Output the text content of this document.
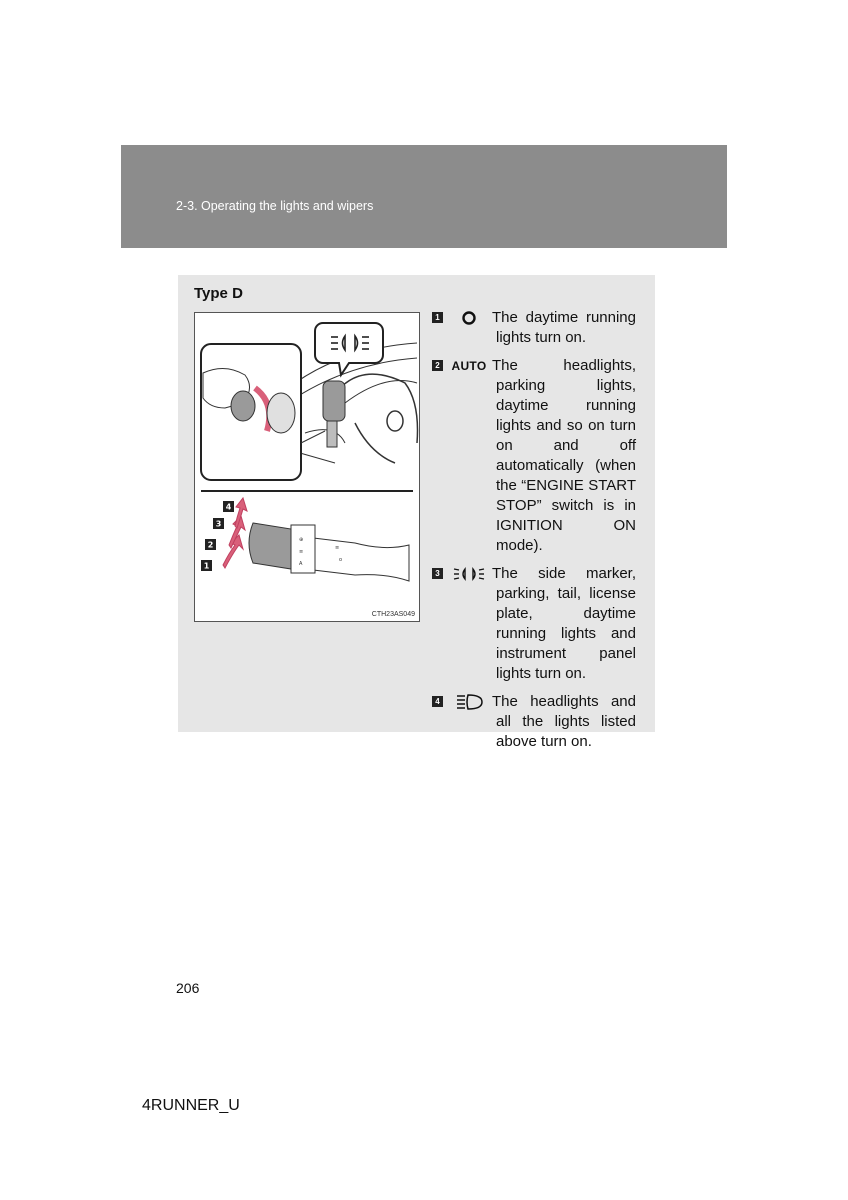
2-3. Operating the lights and wipers
Type D
⊕
≡
A
≡
o
4
3
2
1
CTH23AS049
1	The daytime running lights turn on.
2 AUTO The headlights, parking lights, daytime running lights and so on turn on and off automatically (when the “ENGINE START STOP” switch is in IGNITION ON mode).
3	The side marker, parking, tail, license plate, daytime running lights and instrument panel lights turn on.
4	The headlights and all the lights listed above turn on.
206
4RUNNER_U
